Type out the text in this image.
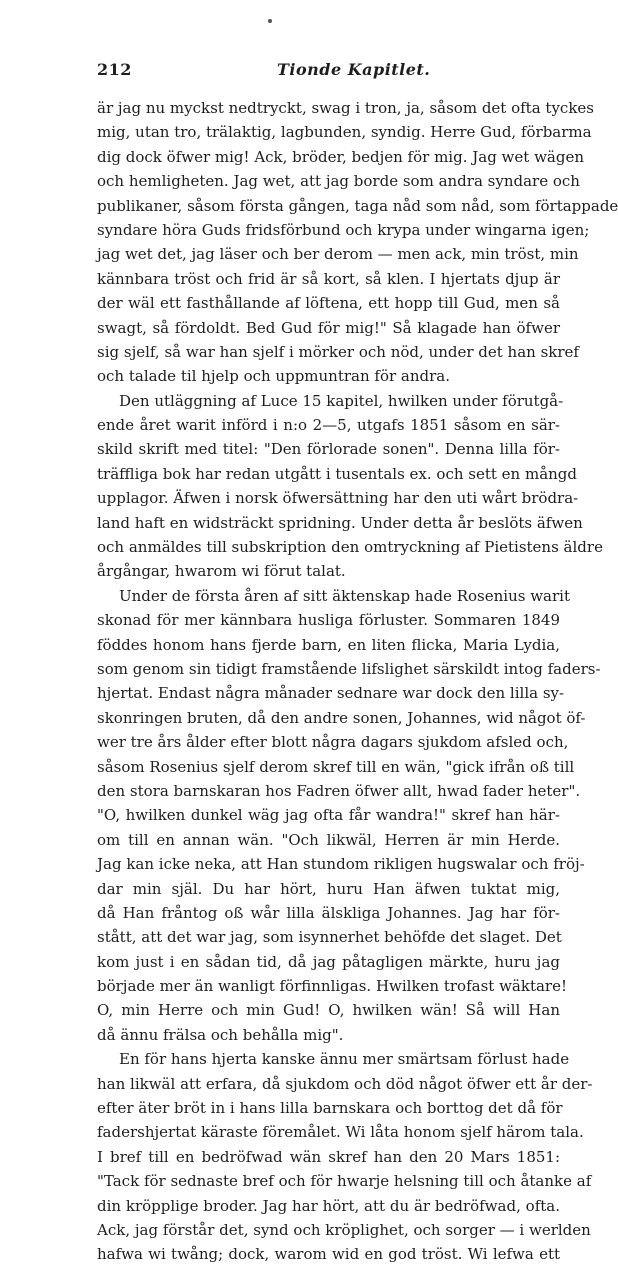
212	Tionde Kapitlet.
är jag nu myckst nedtryckt, swag i tron, ja, såsom det ofta tyckes
mig, utan tro, trälaktig, lagbunden, syndig. Herre Gud, förbarma
dig dock öfwer mig! Ack, bröder, bedjen för mig. Jag wet wägen
och hemligheten. Jag wet, att jag borde som andra syndare och
publikaner, såsom första gången, taga nåd som nåd, som förtappade
syndare höra Guds fridsförbund och krypa under wingarna igen;
jag wet det, jag läser och ber derom — men ack, min tröst, min
kännbara tröst och frid är så kort, så klen. I hjertats djup är
der wäl ett fasthållande af löftena, ett hopp till Gud, men så
swagt, så fördoldt. Bed Gud för mig!" Så klagade han öfwer
sig sjelf, så war han sjelf i mörker och nöd, under det han skref
och talade til hjelp och uppmuntran för andra.
Den utläggning af Luce 15 kapitel, hwilken under förutgå-
ende året warit införd i n:o 2—5, utgafs 1851 såsom en sär-
skild skrift med titel: "Den förlorade sonen". Denna lilla för-
träffliga bok har redan utgått i tusentals ex. och sett en mångd
upplagor. Äfwen i norsk öfwersättning har den uti wårt brödra-
land haft en widsträckt spridning. Under detta år beslöts äfwen
och anmäldes till subskription den omtryckning af Pietistens äldre
årgångar, hwarom wi förut talat.
Under de första åren af sitt äktenskap hade Rosenius warit
skonad för mer kännbara husliga förluster. Sommaren 1849
föddes honom hans fjerde barn, en liten flicka, Maria Lydia,
som genom sin tidigt framstående lifslighet särskildt intog faders-
hjertat. Endast några månader sednare war dock den lilla sy-
skonringen bruten, då den andre sonen, Johannes, wid något öf-
wer tre års ålder efter blott några dagars sjukdom afsled och,
såsom Rosenius sjelf derom skref till en wän, "gick ifrån oß till
den stora barnskaran hos Fadren öfwer allt, hwad fader heter".
"O, hwilken dunkel wäg jag ofta får wandra!" skref han här-
om till en annan wän. "Och likwäl, Herren är min Herde.
Jag kan icke neka, att Han stundom rikligen hugswalar och fröj-
dar min själ. Du har hört, huru Han äfwen tuktat mig,
då Han fråntog oß wår lilla älskliga Johannes. Jag har för-
stått, att det war jag, som isynnerhet behöfde det slaget. Det
kom just i en sådan tid, då jag påtagligen märkte, huru jag
började mer än wanligt förfinnligas. Hwilken trofast wäktare!
O, min Herre och min Gud! O, hwilken wän! Så will Han
då ännu frälsa och behålla mig".
En för hans hjerta kanske ännu mer smärtsam förlust hade
han likwäl att erfara, då sjukdom och död något öfwer ett år der-
efter äter bröt in i hans lilla barnskara och borttog det då för
fadershjertat käraste föremålet. Wi låta honom sjelf härom tala.
I bref till en bedröfwad wän skref han den 20 Mars 1851:
"Tack för sednaste bref och för hwarje helsning till och åtanke af
din kröpplige broder. Jag har hört, att du är bedröfwad, ofta.
Ack, jag förstår det, synd och kröplighet, och sorger — i werlden
hafwa wi twång; dock, warom wid en god tröst. Wi lefwa ett
